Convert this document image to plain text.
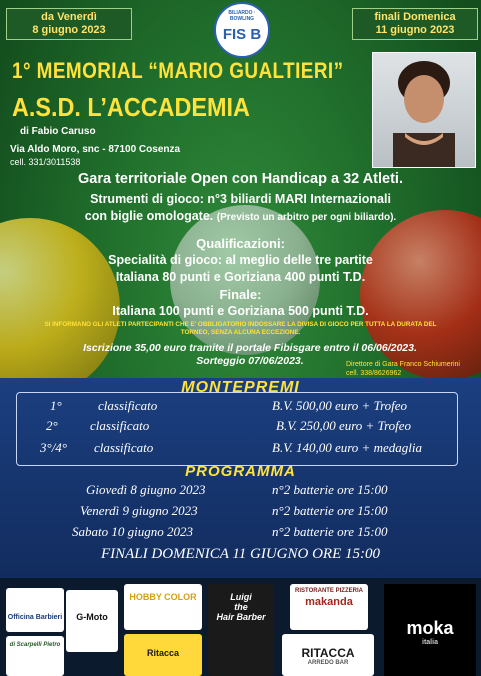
da Venerdì
8 giugno 2023
finali Domenica
11 giugno 2023
BILIARDO · BOWLING
FIS B
1° MEMORIAL “MARIO GUALTIERI”
A.S.D. L’ACCADEMIA
di Fabio Caruso
Via Aldo Moro, snc - 87100 Cosenza
cell. 331/3011538
Gara territoriale Open con Handicap a 32 Atleti.
Strumenti di gioco: n°3 biliardi MARI Internazionali
con biglie omologate. (Previsto un arbitro per ogni biliardo).
Qualificazioni:
Specialità di gioco: al meglio delle tre partite
Italiana 80 punti e Goriziana 400 punti T.D.
Finale:
Italiana 100 punti e Goriziana 500 punti T.D.
SI INFORMANO GLI ATLETI PARTECIPANTI CHE E' OBBLIGATORIO INDOSSARE LA DIVISA DI GIOCO PER TUTTA LA DURATA DEL
TORNEO, SENZA ALCUNA ECCEZIONE.
Iscrizione 35,00 euro tramite il portale Fibisgare entro il 06/06/2023.
Sorteggio 07/06/2023.	Direttore di Gara Franco Schiumerini
cell. 338/8626962
MONTEPREMI
1°	classificato	B.V. 500,00 euro + Trofeo
2° classificato	B.V. 250,00 euro + Trofeo
3°/4° classificato	B.V. 140,00 euro + medaglia
PROGRAMMA
Giovedì 8 giugno 2023	n°2 batterie ore 15:00
Venerdì 9 giugno 2023	n°2 batterie ore 15:00
Sabato 10 giugno 2023	n°2 batterie ore 15:00
FINALI DOMENICA 11 GIUGNO ORE 15:00
Officina Barbieri	G-Moto
HOBBY COLOR	Luigi
the
Hair Barber
RISTORANTE PIZZERIA
makanda
moka
italia
di Scarpelli Pietro
Ritacca	RITACCA
ARREDO BAR
